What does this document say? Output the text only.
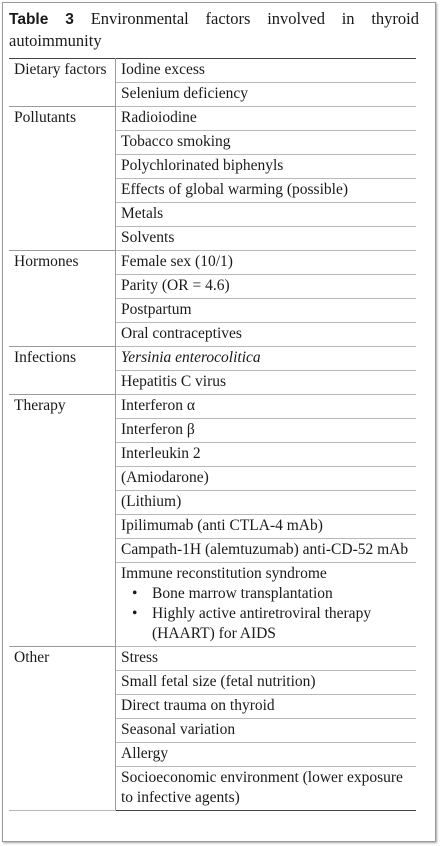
Table 3 Environmental factors involved in thyroid autoimmunity
Dietary factors	Iodine excess
	Selenium deficiency
Pollutants	Radioiodine
	Tobacco smoking
	Polychlorinated biphenyls
	Effects of global warming (possible)
	Metals
	Solvents
Hormones	Female sex (10/1)
	Parity (OR = 4.6)
	Postpartum
	Oral contraceptives
Infections	Yersinia enterocolitica
	Hepatitis C virus
Therapy	Interferon α
	Interferon β
	Interleukin 2
	(Amiodarone)
	(Lithium)
	Ipilimumab (anti CTLA-4 mAb)
	Campath-1H (alemtuzumab) anti-CD-52 mAb

	Immune reconstitution syndrome
• Bone marrow transplantation
• Highly active antiretroviral therapy (HAART) for AIDS

Other	Stress
	Small fetal size (fetal nutrition)
	Direct trauma on thyroid
	Seasonal variation
	Allergy
	Socioeconomic environment (lower exposure to infective agents)
